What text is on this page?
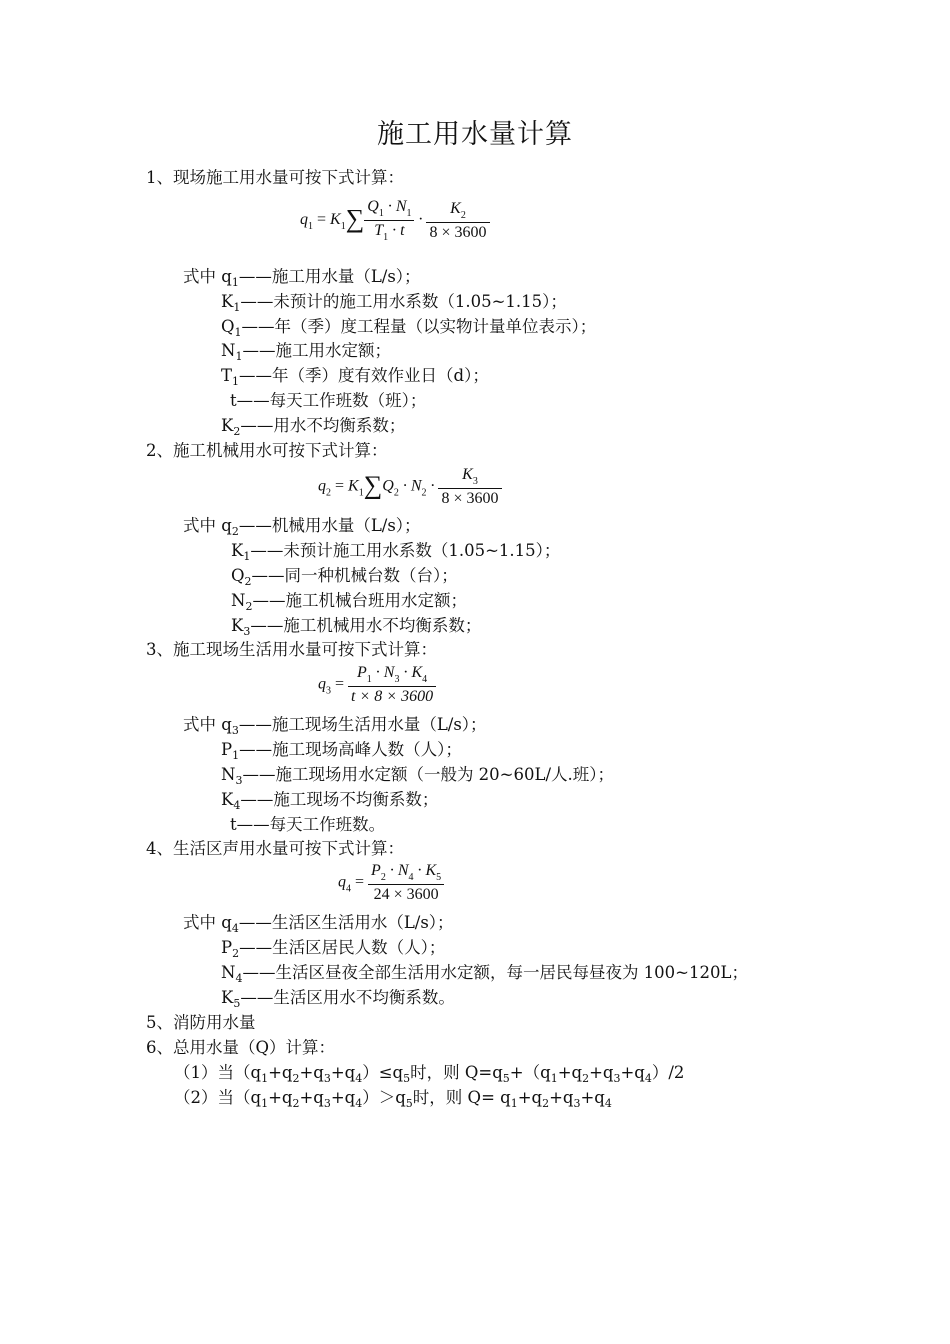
施工用水量计算
1、现场施工用水量可按下式计算：
$q_1 = K_1\sum \frac{Q_1 \cdot N_1}{T_1 \cdot t} \cdot \frac{K_2}{8 \times 3600}$
式中 $q_1——$施工用水量（L/s）；
$K_1——$未预计的施工用水系数（1.05~1.15）；
$Q_1——$年（季）度工程量（以实物计量单位表示）；
$N_1——$施工用水定额；
$T_1——$年（季）度有效作业日（d）；
t——每天工作班数（班）；
$K_2——$用水不均衡系数；
2、施工机械用水可按下式计算：
$q_2 = K_1\sum Q_2 \cdot N_2 \cdot \frac{K_3}{8 \times 3600}$
式中 $q_2——$机械用水量（L/s）；
$K_1——$未预计施工用水系数（1.05~1.15）；
$Q_2——$同一种机械台数（台）；
$N_2——$施工机械台班用水定额；
$K_3——$施工机械用水不均衡系数；
3、施工现场生活用水量可按下式计算：
$q_3 = \frac{P_1 \cdot N_3 \cdot K_4}{t \times 8 \times 3600}$
式中 $q_3——$施工现场生活用水量（L/s）；
$P_1——$施工现场高峰人数（人）；
$N_3——$施工现场用水定额（一般为 20~60L/人.班）；
$K_4——$施工现场不均衡系数；
t——每天工作班数。
4、生活区声用水量可按下式计算：
$q_4 = \frac{P_2 \cdot N_4 \cdot K_5}{24 \times 3600}$
式中 $q_4——$生活区生活用水（L/s）；
$P_2——$生活区居民人数（人）；
$N_4——$生活区昼夜全部生活用水定额，每一居民每昼夜为 100~120L；
$K_5——$生活区用水不均衡系数。
5、消防用水量
6、总用水量（Q）计算：
（1）当$(q_1+q_2+q_3+q_4)\le q_5$时，则 $Q=q_5+(q_1+q_2+q_3+q_4)/2$
（2）当$(q_1+q_2+q_3+q_4)>q_5$时，则 $Q= q_1+q_2+q_3+q_4$
